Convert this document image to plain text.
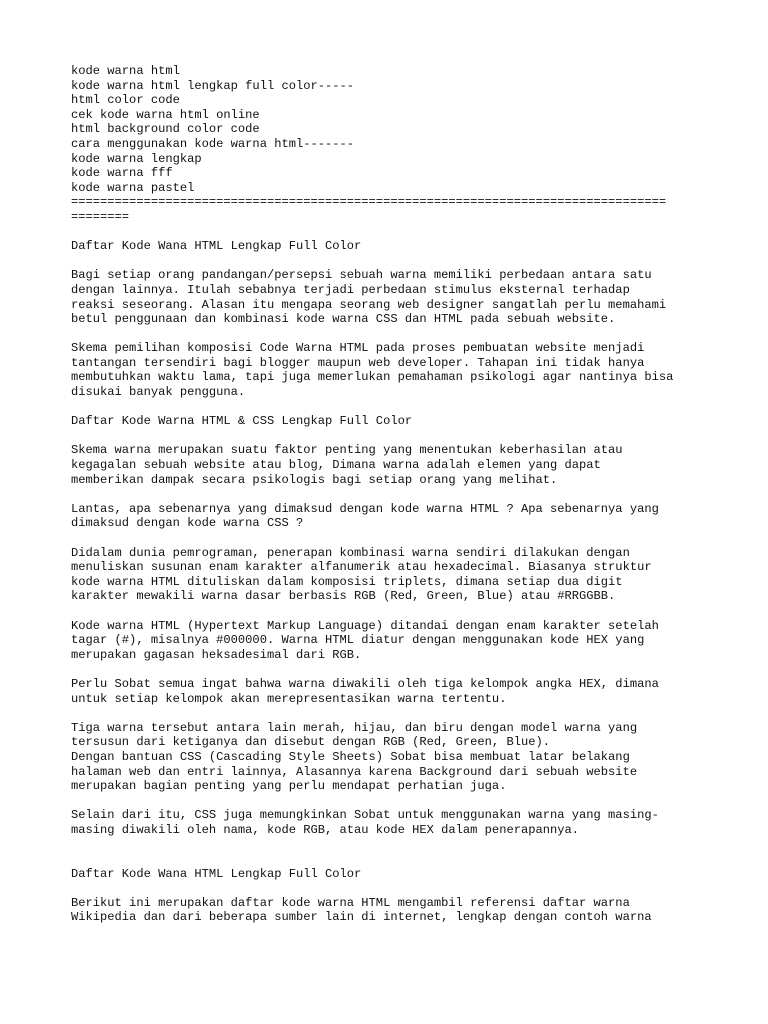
kode warna html
kode warna html lengkap full color-----
html color code
cek kode warna html online
html background color code
cara menggunakan kode warna html-------
kode warna lengkap
kode warna fff
kode warna pastel
==================================================================================
========
Daftar Kode Wana HTML Lengkap Full Color
Bagi setiap orang pandangan/persepsi sebuah warna memiliki perbedaan antara satu
dengan lainnya. Itulah sebabnya terjadi perbedaan stimulus eksternal terhadap
reaksi seseorang. Alasan itu mengapa seorang web designer sangatlah perlu memahami
betul penggunaan dan kombinasi kode warna CSS dan HTML pada sebuah website.
Skema pemilihan komposisi Code Warna HTML pada proses pembuatan website menjadi
tantangan tersendiri bagi blogger maupun web developer. Tahapan ini tidak hanya
membutuhkan waktu lama, tapi juga memerlukan pemahaman psikologi agar nantinya bisa
disukai banyak pengguna.
Daftar Kode Warna HTML & CSS Lengkap Full Color
Skema warna merupakan suatu faktor penting yang menentukan keberhasilan atau
kegagalan sebuah website atau blog, Dimana warna adalah elemen yang dapat
memberikan dampak secara psikologis bagi setiap orang yang melihat.
Lantas, apa sebenarnya yang dimaksud dengan kode warna HTML ? Apa sebenarnya yang
dimaksud dengan kode warna CSS ?
Didalam dunia pemrograman, penerapan kombinasi warna sendiri dilakukan dengan
menuliskan susunan enam karakter alfanumerik atau hexadecimal. Biasanya struktur
kode warna HTML dituliskan dalam komposisi triplets, dimana setiap dua digit
karakter mewakili warna dasar berbasis RGB (Red, Green, Blue) atau #RRGGBB.
Kode warna HTML (Hypertext Markup Language) ditandai dengan enam karakter setelah
tagar (#), misalnya #000000. Warna HTML diatur dengan menggunakan kode HEX yang
merupakan gagasan heksadesimal dari RGB.
Perlu Sobat semua ingat bahwa warna diwakili oleh tiga kelompok angka HEX, dimana
untuk setiap kelompok akan merepresentasikan warna tertentu.
Tiga warna tersebut antara lain merah, hijau, dan biru dengan model warna yang
tersusun dari ketiganya dan disebut dengan RGB (Red, Green, Blue).
Dengan bantuan CSS (Cascading Style Sheets) Sobat bisa membuat latar belakang
halaman web dan entri lainnya, Alasannya karena Background dari sebuah website
merupakan bagian penting yang perlu mendapat perhatian juga.
Selain dari itu, CSS juga memungkinkan Sobat untuk menggunakan warna yang masing-
masing diwakili oleh nama, kode RGB, atau kode HEX dalam penerapannya.
Daftar Kode Wana HTML Lengkap Full Color
Berikut ini merupakan daftar kode warna HTML mengambil referensi daftar warna
Wikipedia dan dari beberapa sumber lain di internet, lengkap dengan contoh warna
